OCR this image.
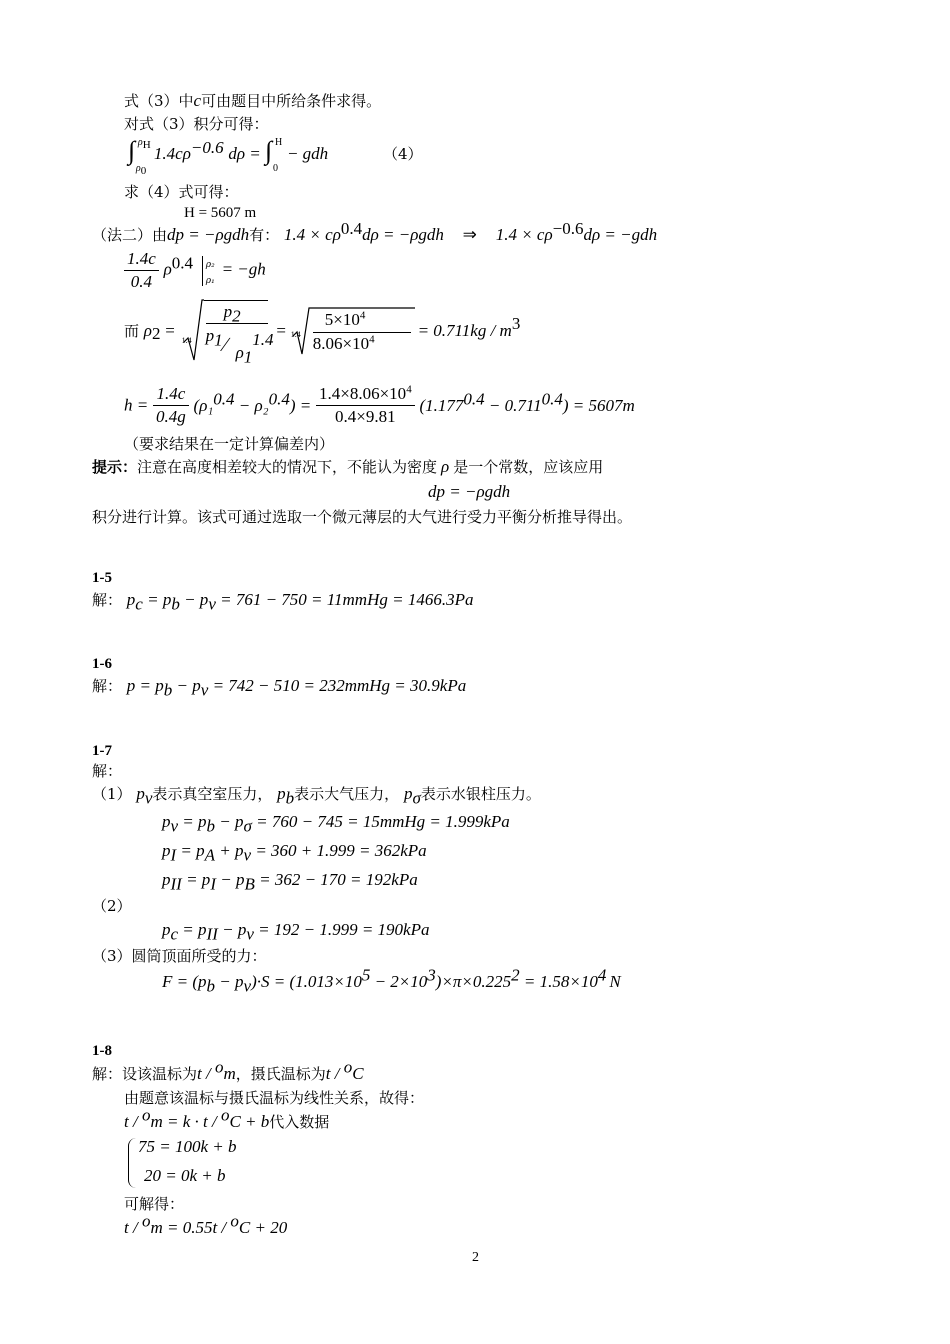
式（3）中c可由题目中所给条件求得。
对式（3）积分可得：
∫ $\rho_H$
$\rho_0$
$1.4c\rho^{-0.6}$ dρ = ∫ H
0
− gdh	（4）
求（4）式可得：
H = 5607 m
（法二）由dp = −ρgdh有： $1.4 \times c\rho^{0.4}d\rho = -\rho gdh$ ⇒ $1.4 \times c\rho^{-0.6}d\rho = -gdh$
$\frac{1.4c}{0.4} \rho^{0.4}$ ρ₂
ρ₁
= −gh
而 $\rho_2$ =
1.4
$p_2$
$p_1$ ∕ $\rho_1^{1.4} = 1.4$
$5\times 10^4$
$8.06\times 10^4$	= $0.711kg / m^3$
$h = \frac{1.4c}{0.4g} (\rho_1^{0.4} - \rho_2^{0.4}) = \frac{1.4\times 8.06\times 10^4}{0.4\times 9.81} (1.177^{0.4} - 0.711^{0.4}) = 5607m$
（要求结果在一定计算偏差内）
提示：注意在高度相差较大的情况下，不能认为密度 ρ 是一个常数，应该应用
dp = −ρgdh
积分进行计算。该式可通过选取一个微元薄层的大气进行受力平衡分析推导得出。
1-5
解： $p_c = p_b - p_v = 761 - 750$ = 11mmHg = 1466.3Pa
1-6
解： $p = p_b - p_v = 742 - 510$ = 232mmHg = 30.9kPa
1-7
解：
（1） $p_v$表示真空室压力， $p_b$表示大气压力， $p_\sigma$表示水银柱压力。
$p_v = p_b - p_\sigma = 760 - 745$ = 15mmHg = 1.999kPa
$p_I = p_A + p_v = 360 + 1.999 = 362kPa$
$p_{II} = p_I - p_B = 362 - 170 = 192kPa$
（2）
$p_c = p_{II} - p_v = 192 - 1.999 = 190kPa$
（3）圆筒顶面所受的力：
$F = (p_b - p_v)\cdot S = (1.013\times 10^5 - 2\times 10^3)\times\pi\times 0.225^2 = 1.58\times 10^4$ N
1-8
解：设该温标为t / $^o$m，摄氏温标为t / $^o$C
由题意该温标与摄氏温标为线性关系，故得：
t / $^o$m = k · t / $^o$C + b代入数据
75 = 100k + b
20 = 0k + b
可解得：
t / $^o$m = 0.55t / $^o$C + 20
2
